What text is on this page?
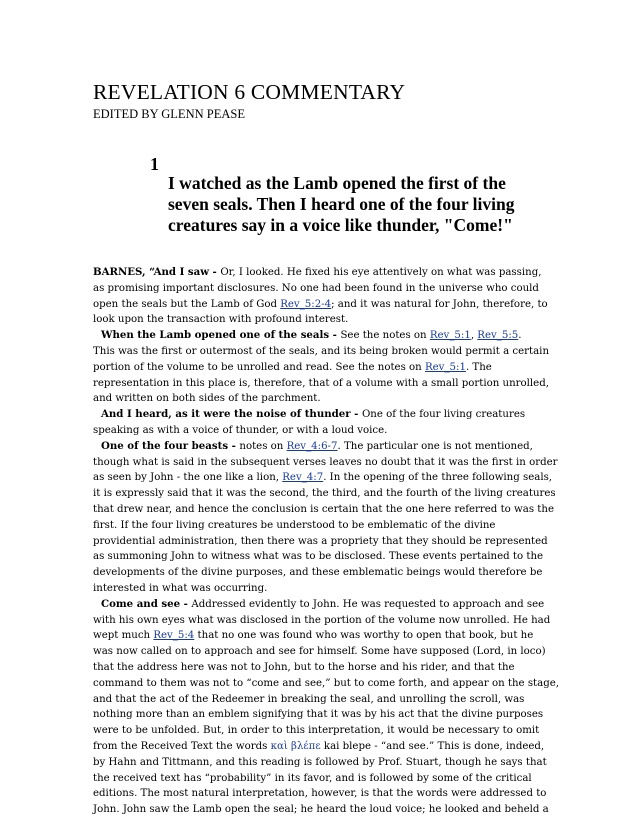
REVELATION 6 COMMENTARY
EDITED BY GLENN PEASE
1
I watched as the Lamb opened the first of the
seven seals. Then I heard one of the four living
creatures say in a voice like thunder, "Come!"
BARNES, “And I saw - Or, I looked. He fixed his eye attentively on what was passing,
as promising important disclosures. No one had been found in the universe who could
open the seals but the Lamb of God Rev_5:2-4; and it was natural for John, therefore, to
look upon the transaction with profound interest.
When the Lamb opened one of the seals - See the notes on Rev_5:1, Rev_5:5.
This was the first or outermost of the seals, and its being broken would permit a certain
portion of the volume to be unrolled and read. See the notes on Rev_5:1. The
representation in this place is, therefore, that of a volume with a small portion unrolled,
and written on both sides of the parchment.
And I heard, as it were the noise of thunder - One of the four living creatures
speaking as with a voice of thunder, or with a loud voice.
One of the four beasts - notes on Rev_4:6-7. The particular one is not mentioned,
though what is said in the subsequent verses leaves no doubt that it was the first in order
as seen by John - the one like a lion, Rev_4:7. In the opening of the three following seals,
it is expressly said that it was the second, the third, and the fourth of the living creatures
that drew near, and hence the conclusion is certain that the one here referred to was the
first. If the four living creatures be understood to be emblematic of the divine
providential administration, then there was a propriety that they should be represented
as summoning John to witness what was to be disclosed. These events pertained to the
developments of the divine purposes, and these emblematic beings would therefore be
interested in what was occurring.
Come and see - Addressed evidently to John. He was requested to approach and see
with his own eyes what was disclosed in the portion of the volume now unrolled. He had
wept much Rev_5:4 that no one was found who was worthy to open that book, but he
was now called on to approach and see for himself. Some have supposed (Lord, in loco)
that the address here was not to John, but to the horse and his rider, and that the
command to them was not to “come and see,” but to come forth, and appear on the stage,
and that the act of the Redeemer in breaking the seal, and unrolling the scroll, was
nothing more than an emblem signifying that it was by his act that the divine purposes
were to be unfolded. But, in order to this interpretation, it would be necessary to omit
from the Received Text the words καὶ βλέπε kai blepe - “and see.” This is done, indeed,
by Hahn and Tittmann, and this reading is followed by Prof. Stuart, though he says that
the received text has “probability” in its favor, and is followed by some of the critical
editions. The most natural interpretation, however, is that the words were addressed to
John. John saw the Lamb open the seal; he heard the loud voice; he looked and beheld a
